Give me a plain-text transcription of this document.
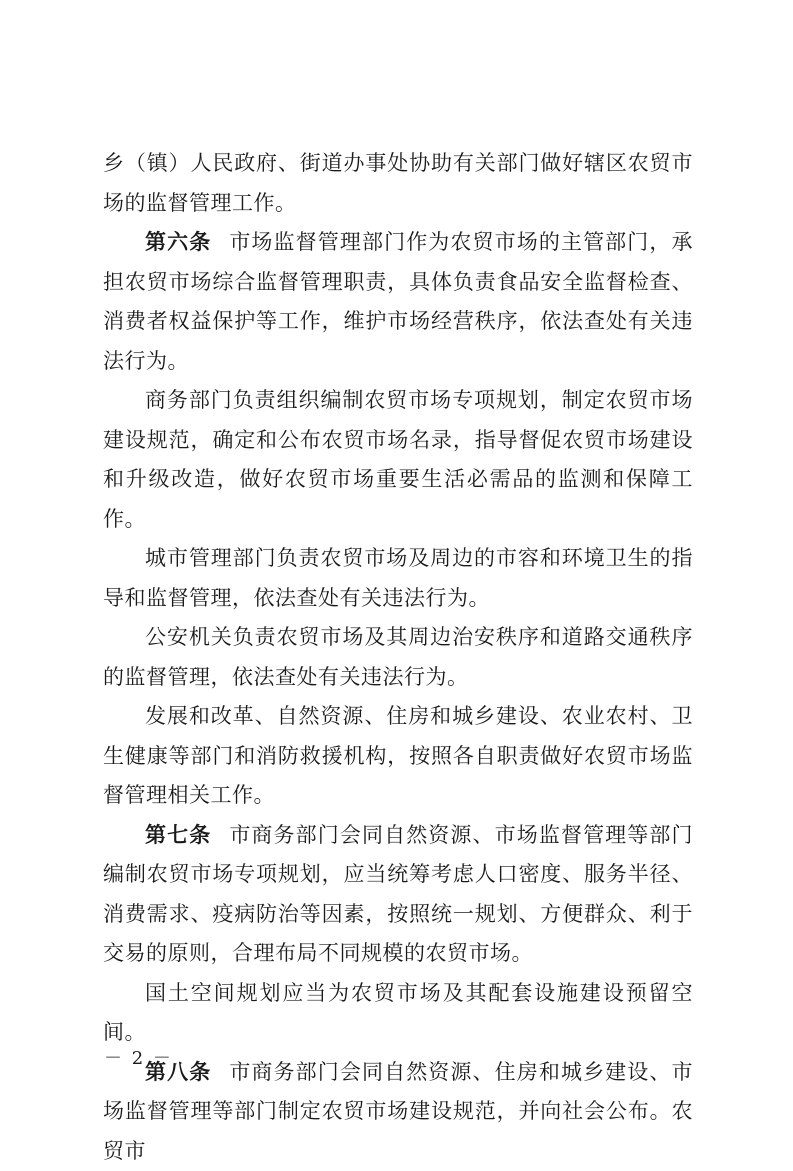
乡（镇）人民政府、街道办事处协助有关部门做好辖区农贸市场的监督管理工作。

第六条 市场监督管理部门作为农贸市场的主管部门，承担农贸市场综合监督管理职责，具体负责食品安全监督检查、消费者权益保护等工作，维护市场经营秩序，依法查处有关违法行为。

商务部门负责组织编制农贸市场专项规划，制定农贸市场建设规范，确定和公布农贸市场名录，指导督促农贸市场建设和升级改造，做好农贸市场重要生活必需品的监测和保障工作。

城市管理部门负责农贸市场及周边的市容和环境卫生的指导和监督管理，依法查处有关违法行为。

公安机关负责农贸市场及其周边治安秩序和道路交通秩序的监督管理，依法查处有关违法行为。

发展和改革、自然资源、住房和城乡建设、农业农村、卫生健康等部门和消防救援机构，按照各自职责做好农贸市场监督管理相关工作。

第七条 市商务部门会同自然资源、市场监督管理等部门编制农贸市场专项规划，应当统筹考虑人口密度、服务半径、消费需求、疫病防治等因素，按照统一规划、方便群众、利于交易的原则，合理布局不同规模的农贸市场。

国土空间规划应当为农贸市场及其配套设施建设预留空间。

第八条 市商务部门会同自然资源、住房和城乡建设、市场监督管理等部门制定农贸市场建设规范，并向社会公布。农贸市

－ 2 －
